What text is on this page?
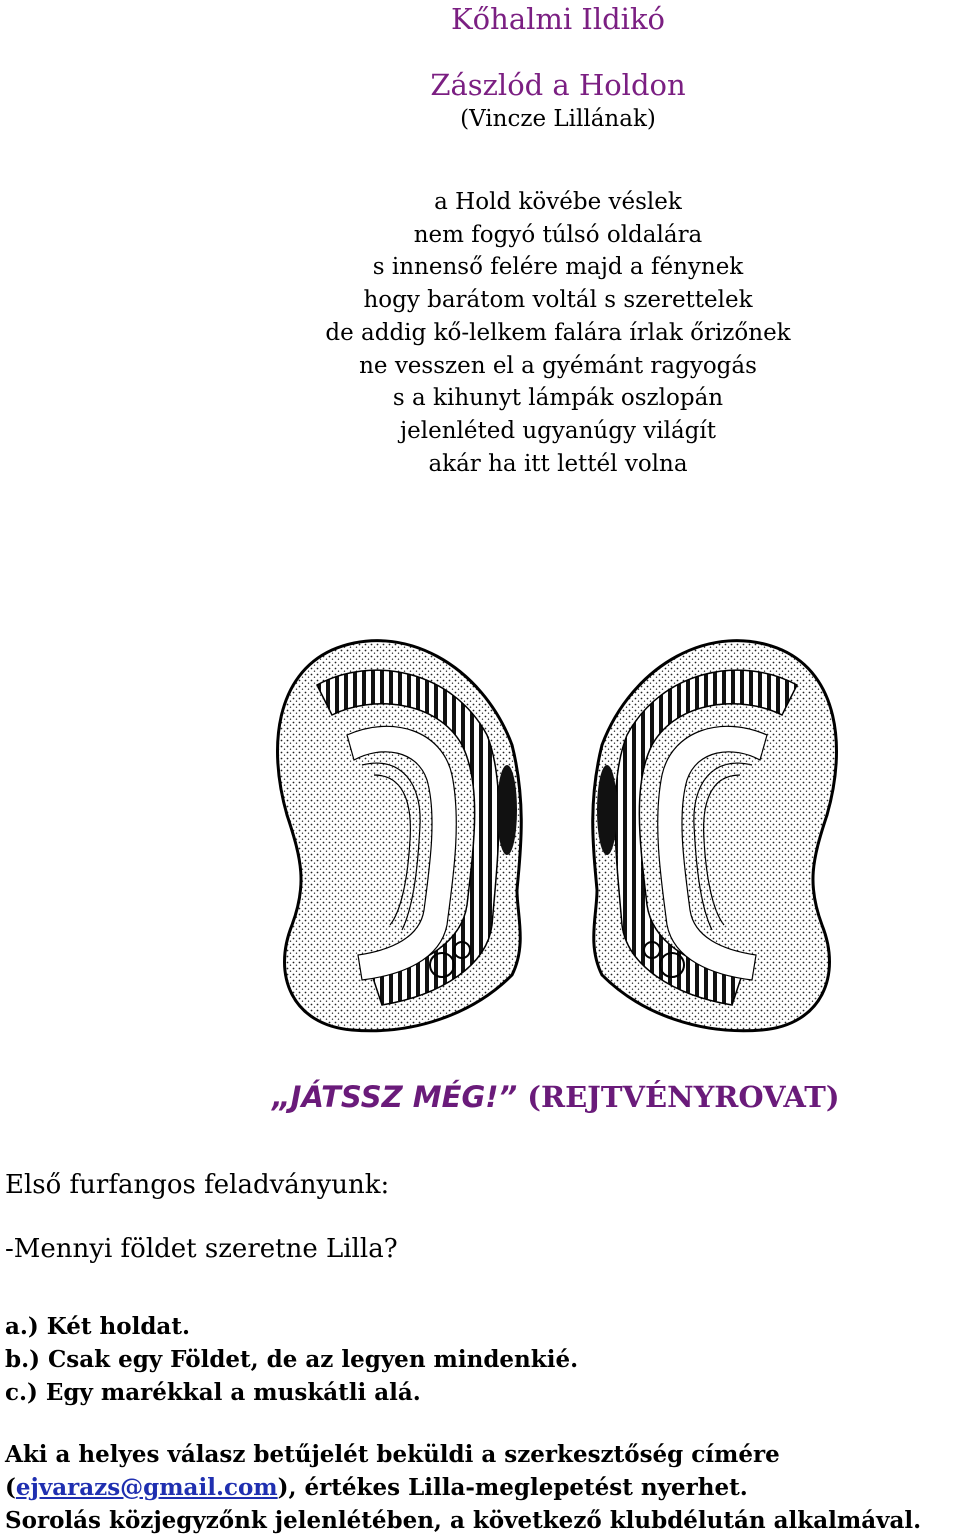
Kőhalmi Ildikó
Zászlód a Holdon
(Vincze Lillának)
a Hold kövébe véslek
nem fogyó túlsó oldalára
s innenső felére majd a fénynek
hogy barátom voltál s szerettelek
de addig kő-lelkem falára írlak őrizőnek
ne vesszen el a gyémánt ragyogás
s a kihunyt lámpák oszlopán
jelenléted ugyanúgy világít
akár ha itt lettél volna
„JÁTSSZ MÉG!” (REJTVÉNYROVAT)
Első furfangos feladványunk:
-Mennyi földet szeretne Lilla?
a.) Két holdat.
b.) Csak egy Földet, de az legyen mindenkié.
c.) Egy marékkal a muskátli alá.
Aki a helyes válasz betűjelét beküldi a szerkesztőség címére
(ejvarazs@gmail.com), értékes Lilla-meglepetést nyerhet.
Sorolás közjegyzőnk jelenlétében, a következő klubdélután alkalmával.
